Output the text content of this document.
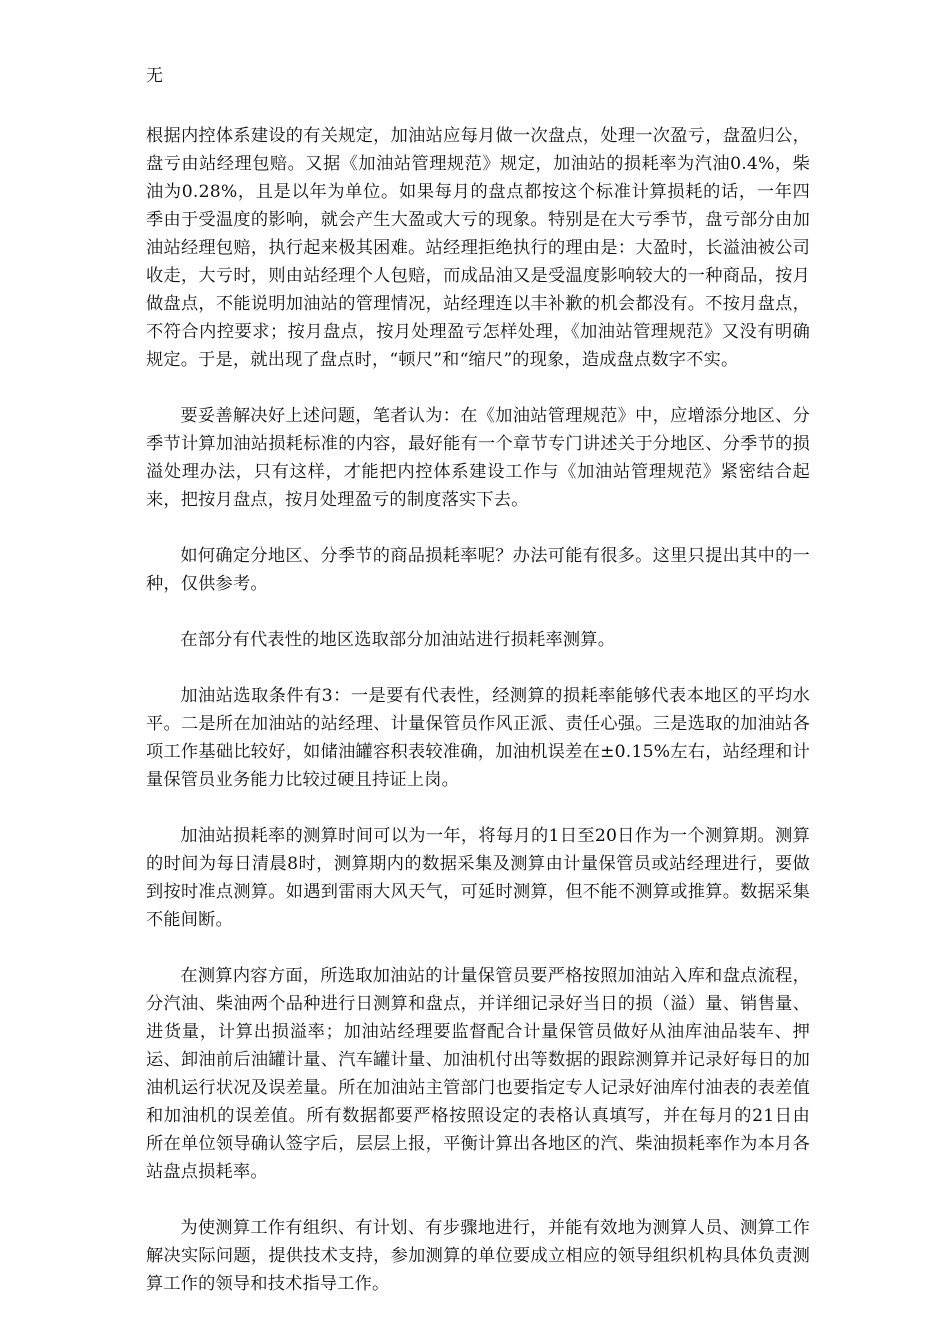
无

根据内控体系建设的有关规定，加油站应每月做一次盘点，处理一次盈亏，盘盈归公，盘亏由站经理包赔。又据《加油站管理规范》规定，加油站的损耗率为汽油0.4%，柴油为0.28%，且是以年为单位。如果每月的盘点都按这个标准计算损耗的话，一年四季由于受温度的影响，就会产生大盈或大亏的现象。特别是在大亏季节，盘亏部分由加油站经理包赔，执行起来极其困难。站经理拒绝执行的理由是：大盈时，长溢油被公司收走，大亏时，则由站经理个人包赔，而成品油又是受温度影响较大的一种商品，按月做盘点，不能说明加油站的管理情况，站经理连以丰补歉的机会都没有。不按月盘点，不符合内控要求；按月盘点，按月处理盈亏怎样处理，《加油站管理规范》又没有明确规定。于是，就出现了盘点时，“顿尺”和“缩尺”的现象，造成盘点数字不实。

要妥善解决好上述问题，笔者认为：在《加油站管理规范》中，应增添分地区、分季节计算加油站损耗标准的内容，最好能有一个章节专门讲述关于分地区、分季节的损溢处理办法，只有这样，才能把内控体系建设工作与《加油站管理规范》紧密结合起来，把按月盘点，按月处理盈亏的制度落实下去。

如何确定分地区、分季节的商品损耗率呢？办法可能有很多。这里只提出其中的一种，仅供参考。

在部分有代表性的地区选取部分加油站进行损耗率测算。

加油站选取条件有3：一是要有代表性，经测算的损耗率能够代表本地区的平均水平。二是所在加油站的站经理、计量保管员作风正派、责任心强。三是选取的加油站各项工作基础比较好，如储油罐容积表较准确，加油机误差在±0.15%左右，站经理和计量保管员业务能力比较过硬且持证上岗。

加油站损耗率的测算时间可以为一年，将每月的1日至20日作为一个测算期。测算的时间为每日清晨8时，测算期内的数据采集及测算由计量保管员或站经理进行，要做到按时准点测算。如遇到雷雨大风天气，可延时测算，但不能不测算或推算。数据采集不能间断。

在测算内容方面，所选取加油站的计量保管员要严格按照加油站入库和盘点流程，分汽油、柴油两个品种进行日测算和盘点，并详细记录好当日的损（溢）量、销售量、进货量，计算出损溢率；加油站经理要监督配合计量保管员做好从油库油品装车、押运、卸油前后油罐计量、汽车罐计量、加油机付出等数据的跟踪测算并记录好每日的加油机运行状况及误差量。所在加油站主管部门也要指定专人记录好油库付油表的表差值和加油机的误差值。所有数据都要严格按照设定的表格认真填写，并在每月的21日由所在单位领导确认签字后，层层上报，平衡计算出各地区的汽、柴油损耗率作为本月各站盘点损耗率。

为使测算工作有组织、有计划、有步骤地进行，并能有效地为测算人员、测算工作解决实际问题，提供技术支持，参加测算的单位要成立相应的领导组织机构具体负责测算工作的领导和技术指导工作。
